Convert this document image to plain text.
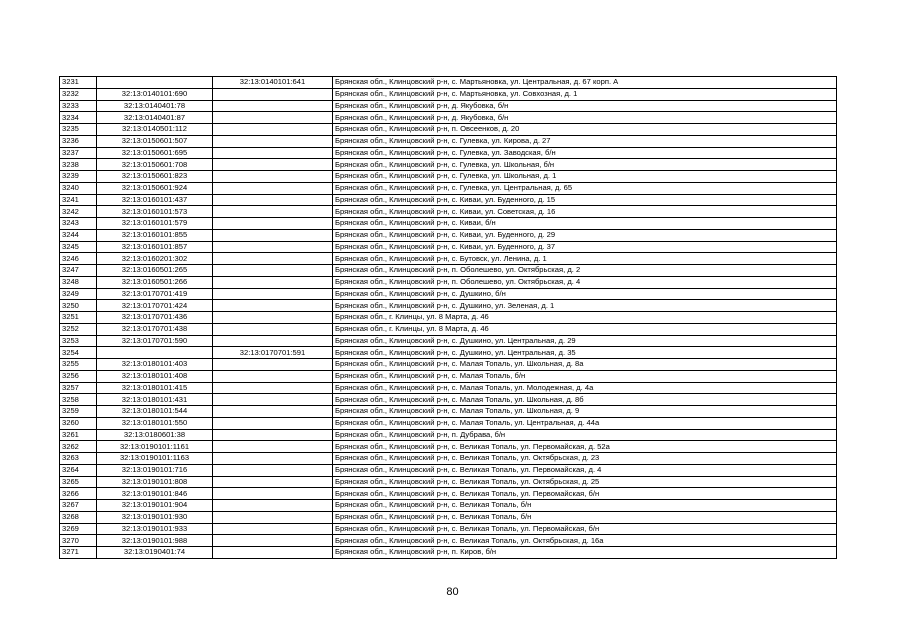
3231		32:13:0140101:641	Брянская обл., Клинцовский р-н, с. Мартьяновка, ул. Центральная, д. 67 корп. А
3232	32:13:0140101:690		Брянская обл., Клинцовский р-н, с. Мартьяновка, ул. Совхозная, д. 1
3233	32:13:0140401:78		Брянская обл., Клинцовский р-н, д. Якубовка, б/н
3234	32:13:0140401:87		Брянская обл., Клинцовский р-н, д. Якубовка, б/н
3235	32:13:0140501:112		Брянская обл., Клинцовский р-н, п. Овсеенков, д. 20
3236	32:13:0150601:507		Брянская обл., Клинцовский р-н, с. Гулевка, ул. Кирова, д. 27
3237	32:13:0150601:695		Брянская обл., Клинцовский р-н, с. Гулевка, ул. Заводская, б/н
3238	32:13:0150601:708		Брянская обл., Клинцовский р-н, с. Гулевка, ул. Школьная, б/н
3239	32:13:0150601:823		Брянская обл., Клинцовский р-н, с. Гулевка, ул. Школьная, д. 1
3240	32:13:0150601:924		Брянская обл., Клинцовский р-н, с. Гулевка, ул. Центральная, д. 65
3241	32:13:0160101:437		Брянская обл., Клинцовский р-н, с. Киваи, ул. Буденного, д. 15
3242	32:13:0160101:573		Брянская обл., Клинцовский р-н, с. Киваи, ул. Советская, д. 16
3243	32:13:0160101:579		Брянская обл., Клинцовский р-н, с. Киваи, б/н
3244	32:13:0160101:855		Брянская обл., Клинцовский р-н, с. Киваи, ул. Буденного, д. 29
3245	32:13:0160101:857		Брянская обл., Клинцовский р-н, с. Киваи, ул. Буденного, д. 37
3246	32:13:0160201:302		Брянская обл., Клинцовский р-н, с. Бутовск, ул. Ленина, д. 1
3247	32:13:0160501:265		Брянская обл., Клинцовский р-н, п. Оболешево, ул. Октябрьская, д. 2
3248	32:13:0160501:266		Брянская обл., Клинцовский р-н, п. Оболешево, ул. Октябрьская, д. 4
3249	32:13:0170701:419		Брянская обл., Клинцовский р-н, с. Душкино, б/н
3250	32:13:0170701:424		Брянская обл., Клинцовский р-н, с. Душкино, ул. Зеленая, д. 1
3251	32:13:0170701:436		Брянская обл., г. Клинцы, ул. 8 Марта, д. 46
3252	32:13:0170701:438		Брянская обл., г. Клинцы, ул. 8 Марта, д. 46
3253	32:13:0170701:590		Брянская обл., Клинцовский р-н, с. Душкино, ул. Центральная, д. 29
3254		32:13:0170701:591	Брянская обл., Клинцовский р-н, с. Душкино, ул. Центральная, д. 35
3255	32:13:0180101:403		Брянская обл., Клинцовский р-н, с. Малая Топаль, ул. Школьная, д. 8а
3256	32:13:0180101:408		Брянская обл., Клинцовский р-н, с. Малая Топаль, б/н
3257	32:13:0180101:415		Брянская обл., Клинцовский р-н, с. Малая Топаль, ул. Молодежная, д. 4а
3258	32:13:0180101:431		Брянская обл., Клинцовский р-н, с. Малая Топаль, ул. Школьная, д. 8б
3259	32:13:0180101:544		Брянская обл., Клинцовский р-н, с. Малая Топаль, ул. Школьная, д. 9
3260	32:13:0180101:550		Брянская обл., Клинцовский р-н, с. Малая Топаль, ул. Центральная, д. 44а
3261	32:13:0180601:38		Брянская обл., Клинцовский р-н, п. Дубрава, б/н
3262	32:13:0190101:1161		Брянская обл., Клинцовский р-н, с. Великая Топаль, ул. Первомайская, д. 52а
3263	32:13:0190101:1163		Брянская обл., Клинцовский р-н, с. Великая Топаль, ул. Октябрьская, д. 23
3264	32:13:0190101:716		Брянская обл., Клинцовский р-н, с. Великая Топаль, ул. Первомайская, д. 4
3265	32:13:0190101:808		Брянская обл., Клинцовский р-н, с. Великая Топаль, ул. Октябрьская, д. 25
3266	32:13:0190101:846		Брянская обл., Клинцовский р-н, с. Великая Топаль, ул. Первомайская, б/н
3267	32:13:0190101:904		Брянская обл., Клинцовский р-н, с. Великая Топаль, б/н
3268	32:13:0190101:930		Брянская обл., Клинцовский р-н, с. Великая Топаль, б/н
3269	32:13:0190101:933		Брянская обл., Клинцовский р-н, с. Великая Топаль, ул. Первомайская, б/н
3270	32:13:0190101:988		Брянская обл., Клинцовский р-н, с. Великая Топаль, ул. Октябрьская, д. 16а
3271	32:13:0190401:74		Брянская обл., Клинцовский р-н, п. Киров, б/н
80
